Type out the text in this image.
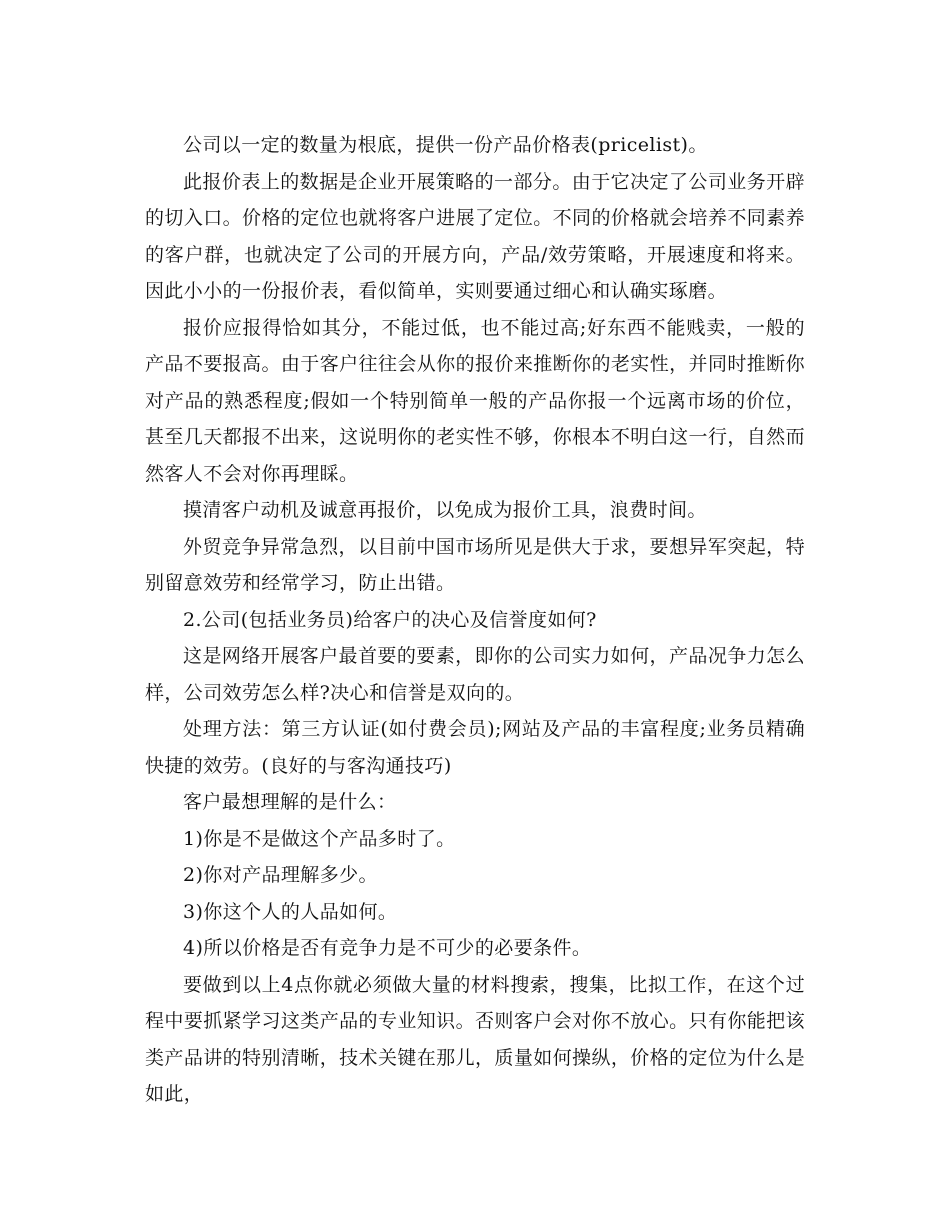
公司以一定的数量为根底，提供一份产品价格表(pricelist)。

此报价表上的数据是企业开展策略的一部分。由于它决定了公司业务开辟的切入口。价格的定位也就将客户进展了定位。不同的价格就会培养不同素养的客户群，也就决定了公司的开展方向，产品/效劳策略，开展速度和将来。因此小小的一份报价表，看似简单，实则要通过细心和认确实琢磨。

报价应报得恰如其分，不能过低，也不能过高;好东西不能贱卖，一般的产品不要报高。由于客户往往会从你的报价来推断你的老实性，并同时推断你对产品的熟悉程度;假如一个特别简单一般的产品你报一个远离市场的价位，甚至几天都报不出来，这说明你的老实性不够，你根本不明白这一行，自然而然客人不会对你再理睬。

摸清客户动机及诚意再报价，以免成为报价工具，浪费时间。

外贸竞争异常急烈，以目前中国市场所见是供大于求，要想异军突起，特别留意效劳和经常学习，防止出错。

2.公司(包括业务员)给客户的决心及信誉度如何?

这是网络开展客户最首要的要素，即你的公司实力如何，产品况争力怎么样，公司效劳怎么样?决心和信誉是双向的。

处理方法：第三方认证(如付费会员);网站及产品的丰富程度;业务员精确快捷的效劳。(良好的与客沟通技巧)

客户最想理解的是什么：

1)你是不是做这个产品多时了。

2)你对产品理解多少。

3)你这个人的人品如何。

4)所以价格是否有竞争力是不可少的必要条件。

要做到以上4点你就必须做大量的材料搜索，搜集，比拟工作，在这个过程中要抓紧学习这类产品的专业知识。否则客户会对你不放心。只有你能把该类产品讲的特别清晰，技术关键在那儿，质量如何操纵，价格的定位为什么是如此，
